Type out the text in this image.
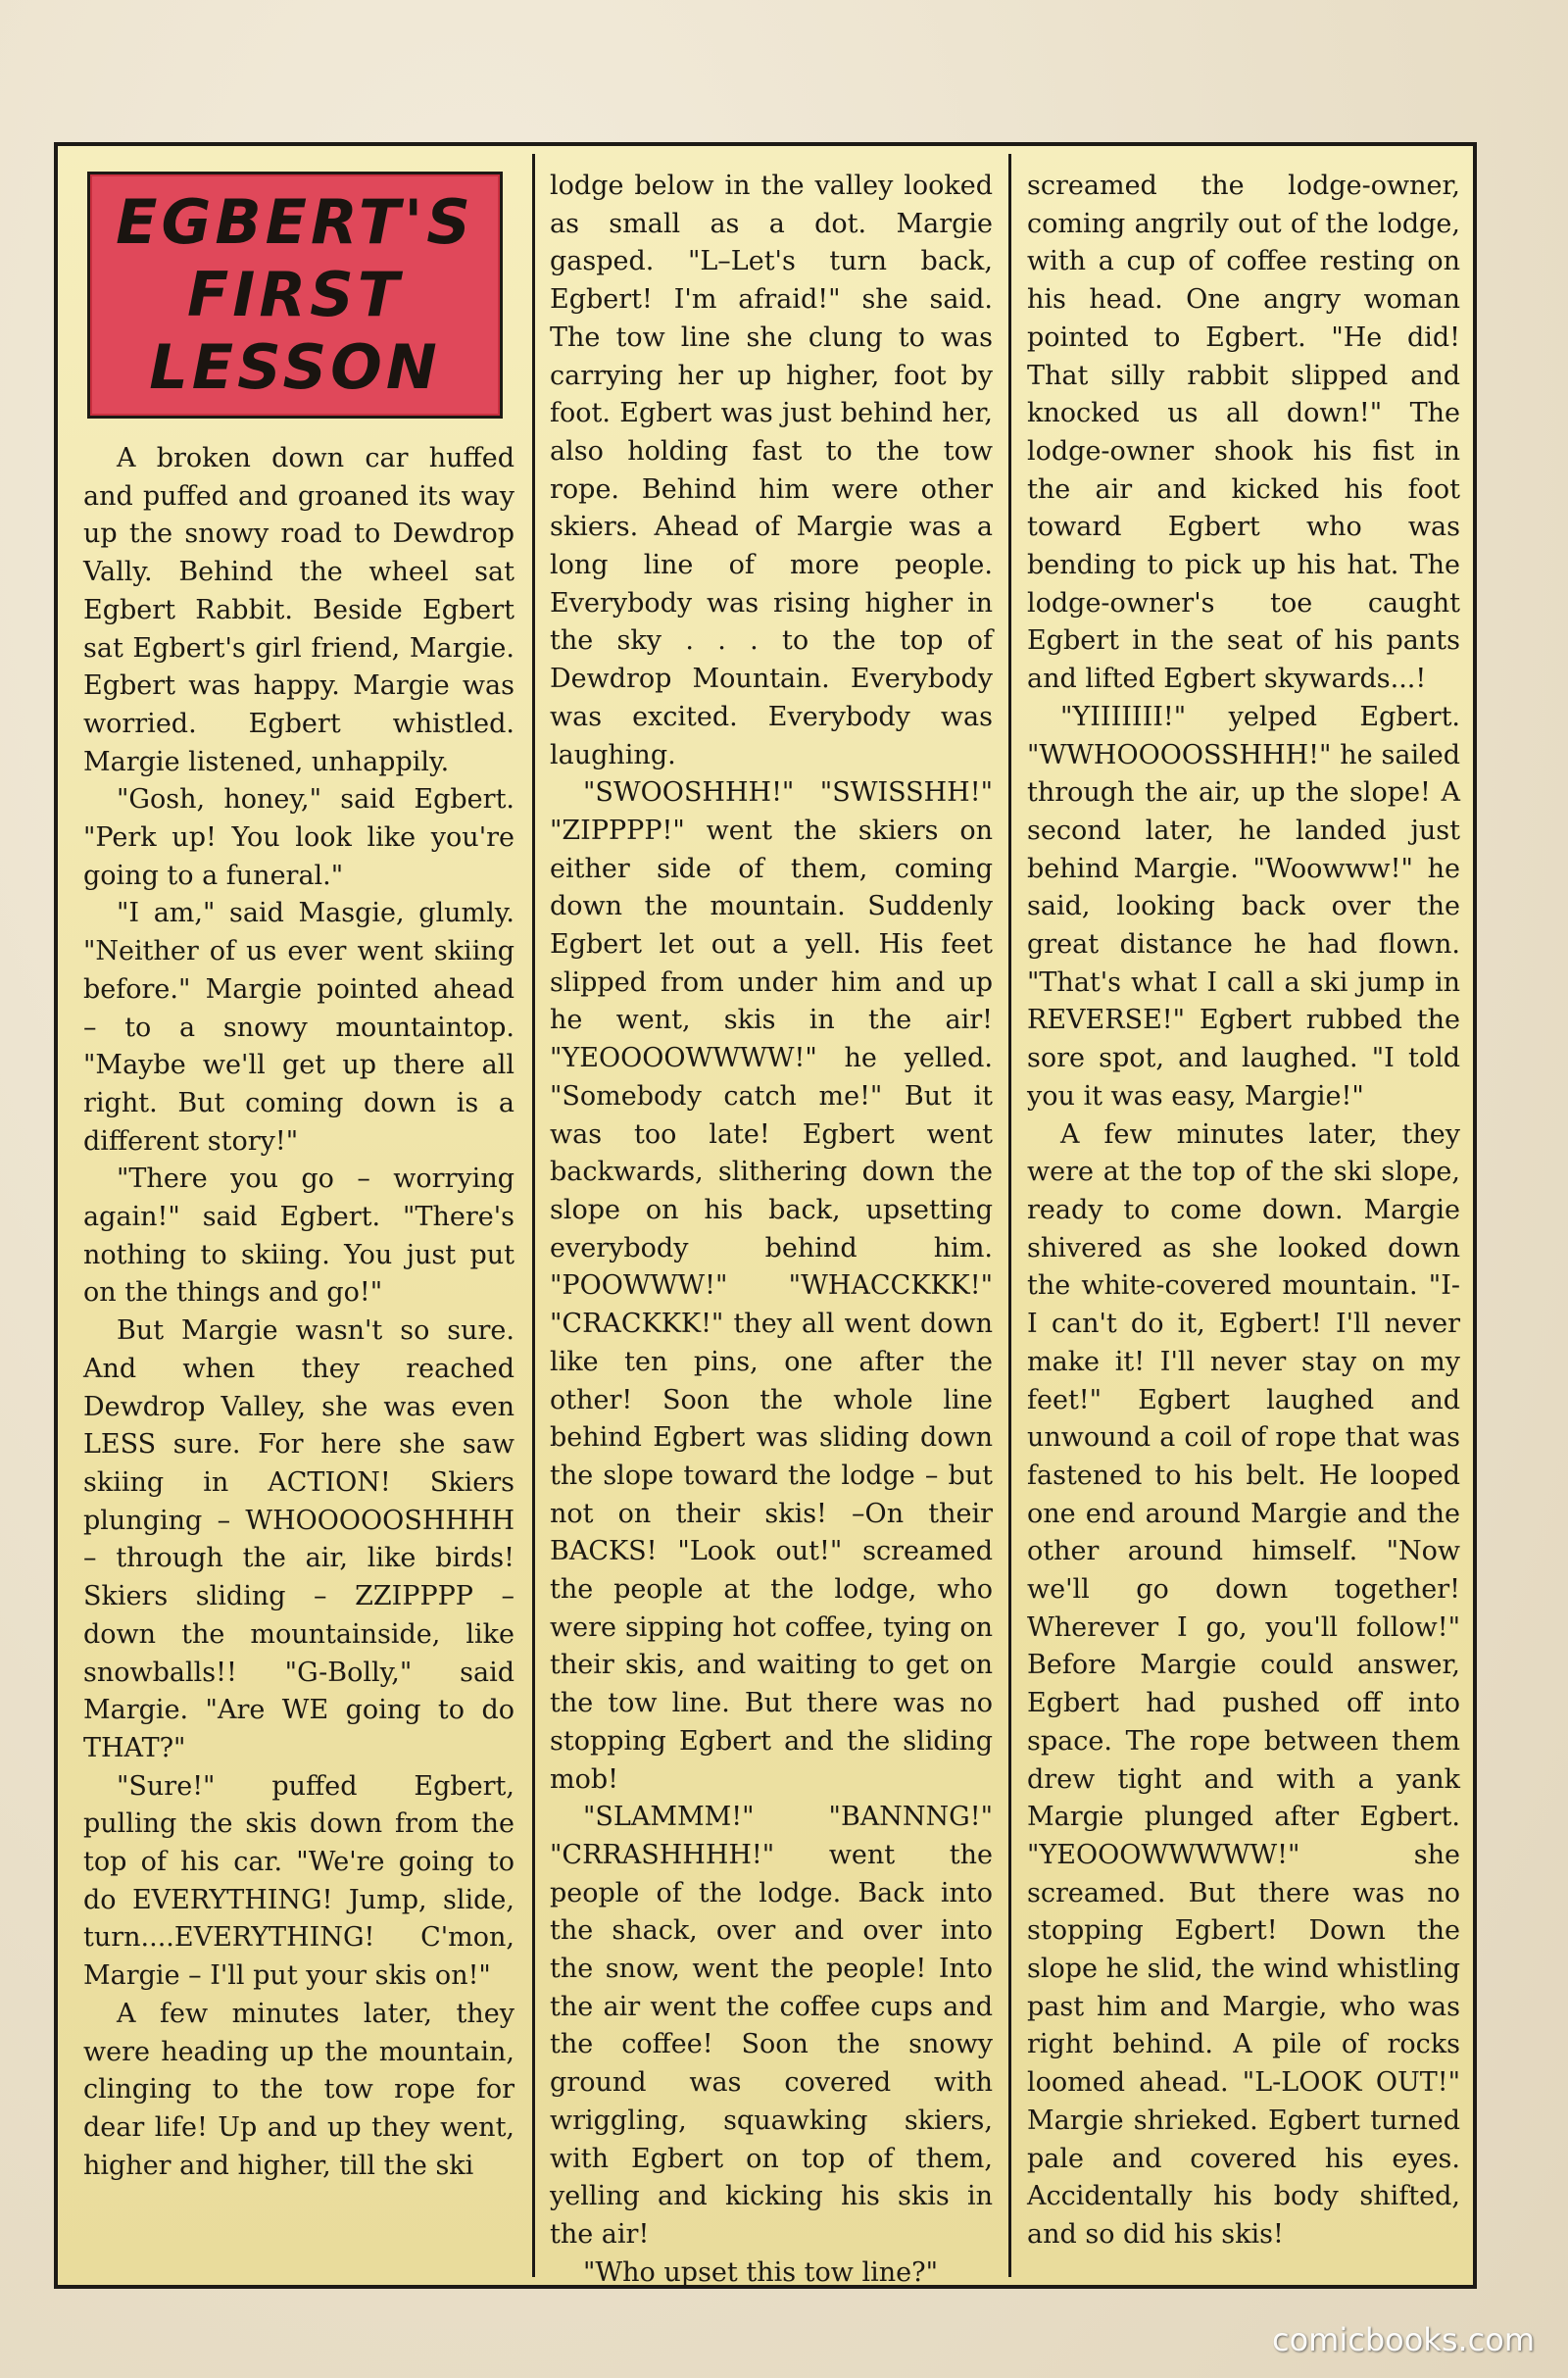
EGBERT'S
FIRST
LESSON

A broken down car huffed and puffed and groaned its way up the snowy road to Dewdrop Vally. Behind the wheel sat Egbert Rabbit. Beside Egbert sat Egbert's girl friend, Margie. Egbert was happy. Margie was worried. Egbert whistled. Margie listened, unhappily.

"Gosh, honey," said Egbert. "Perk up! You look like you're going to a funeral."

"I am," said Masgie, glumly. "Neither of us ever went skiing before." Margie pointed ahead – to a snowy mountaintop. "Maybe we'll get up there all right. But coming down is a different story!"

"There you go – worrying again!" said Egbert. "There's nothing to skiing. You just put on the things and go!"

But Margie wasn't so sure. And when they reached Dewdrop Valley, she was even LESS sure. For here she saw skiing in ACTION! Skiers plunging – WHOOOOOSHHHH – through the air, like birds! Skiers sliding – ZZIPPPP – down the mountainside, like snowballs!! "G-Bolly," said Margie. "Are WE going to do THAT?"

"Sure!" puffed Egbert, pulling the skis down from the top of his car. "We're going to do EVERYTHING! Jump, slide, turn....EVERYTHING! C'mon, Margie – I'll put your skis on!"

A few minutes later, they were heading up the mountain, clinging to the tow rope for dear life! Up and up they went, higher and higher, till the ski

lodge below in the valley looked as small as a dot. Margie gasped. "L–Let's turn back, Egbert! I'm afraid!" she said. The tow line she clung to was carrying her up higher, foot by foot. Egbert was just behind her, also holding fast to the tow rope. Behind him were other skiers. Ahead of Margie was a long line of more people. Everybody was rising higher in the sky . . . to the top of Dewdrop Mountain. Everybody was excited. Everybody was laughing.

"SWOOSHHH!" "SWISSHH!" "ZIPPPP!" went the skiers on either side of them, coming down the mountain. Suddenly Egbert let out a yell. His feet slipped from under him and up he went, skis in the air! "YEOOOOWWWW!" he yelled. "Somebody catch me!" But it was too late! Egbert went backwards, slithering down the slope on his back, upsetting everybody behind him. "POOWWW!" "WHACCKKK!" "CRACKKK!" they all went down like ten pins, one after the other! Soon the whole line behind Egbert was sliding down the slope toward the lodge – but not on their skis! –On their BACKS! "Look out!" screamed the people at the lodge, who were sipping hot coffee, tying on their skis, and waiting to get on the tow line. But there was no stopping Egbert and the sliding mob!

"SLAMMM!" "BANNNG!" "CRRASHHHH!" went the people of the lodge. Back into the shack, over and over into the snow, went the people! Into the air went the coffee cups and the coffee! Soon the snowy ground was covered with wriggling, squawking skiers, with Egbert on top of them, yelling and kicking his skis in the air!

"Who upset this tow line?"

screamed the lodge-owner, coming angrily out of the lodge, with a cup of coffee resting on his head. One angry woman pointed to Egbert. "He did! That silly rabbit slipped and knocked us all down!" The lodge-owner shook his fist in the air and kicked his foot toward Egbert who was bending to pick up his hat. The lodge-owner's toe caught Egbert in the seat of his pants and lifted Egbert skywards...!

"YIIIIIII!" yelped Egbert. "WWHOOOOSSHHH!" he sailed through the air, up the slope! A second later, he landed just behind Margie. "Woowww!" he said, looking back over the great distance he had flown. "That's what I call a ski jump in REVERSE!" Egbert rubbed the sore spot, and laughed. "I told you it was easy, Margie!"

A few minutes later, they were at the top of the ski slope, ready to come down. Margie shivered as she looked down the white-covered mountain. "I-I can't do it, Egbert! I'll never make it! I'll never stay on my feet!" Egbert laughed and unwound a coil of rope that was fastened to his belt. He looped one end around Margie and the other around himself. "Now we'll go down together! Wherever I go, you'll follow!" Before Margie could answer, Egbert had pushed off into space. The rope between them drew tight and with a yank Margie plunged after Egbert. "YEOOOWWWWW!" she screamed. But there was no stopping Egbert! Down the slope he slid, the wind whistling past him and Margie, who was right behind. A pile of rocks loomed ahead. "L-LOOK OUT!" Margie shrieked. Egbert turned pale and covered his eyes. Accidentally his body shifted, and so did his skis!

comicbooks.com
